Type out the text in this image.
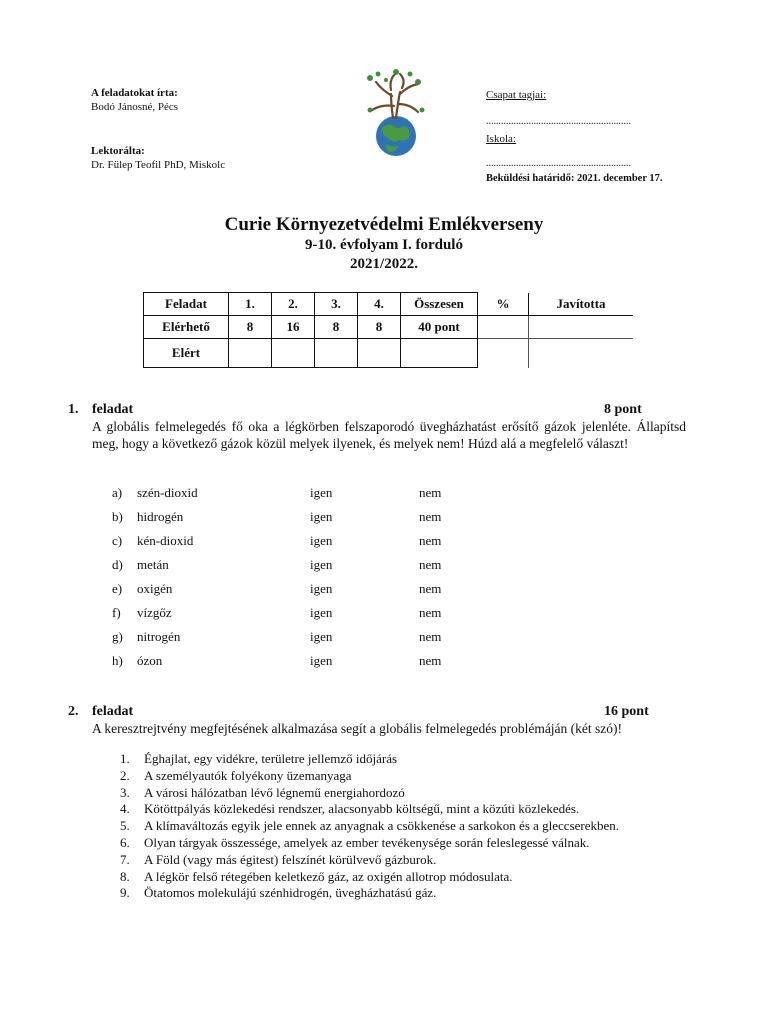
A feladatokat írta:
Bodó Jánosné, Pécs
Lektorálta:
Dr. Fülep Teofil PhD, Miskolc
Csapat tagjai:
..........................................................
Iskola:
..........................................................
Beküldési határidő: 2021. december 17.
Curie Környezetvédelmi Emlékverseny
9-10. évfolyam I. forduló
2021/2022.
Feladat	1.	2.	3.	4.	Összesen	%	Javította
Elérhető	8	16	8	8	40 pont		
Elért							
1. feladat	8 pont
A globális felmelegedés fő oka a légkörben felszaporodó üvegházhatást erősítő gázok jelenléte. Állapítsd meg, hogy a következő gázok közül melyek ilyenek, és melyek nem! Húzd alá a megfelelő választ!
a) szén-dioxid	igen	nem
b) hidrogén	igen	nem
c) kén-dioxid	igen	nem
d) metán	igen	nem
e) oxigén	igen	nem
f) vízgőz	igen	nem
g) nitrogén	igen	nem
h) ózon	igen	nem
2. feladat	16 pont
A keresztrejtvény megfejtésének alkalmazása segít a globális felmelegedés problémáján (két szó)!
1.	Éghajlat, egy vidékre, területre jellemző időjárás
2.	A személyautók folyékony üzemanyaga
3.	A városi hálózatban lévő légnemű energiahordozó
4.	Kötöttpályás közlekedési rendszer, alacsonyabb költségű, mint a közúti közlekedés.
5.	A klímaváltozás egyik jele ennek az anyagnak a csökkenése a sarkokon és a gleccserekben.
6.	Olyan tárgyak összessége, amelyek az ember tevékenysége során feleslegessé válnak.
7.	A Föld (vagy más égitest) felszínét körülvevő gázburok.
8.	A légkör felső rétegében keletkező gáz, az oxigén allotrop módosulata.
9.	Ötatomos molekulájú szénhidrogén, üvegházhatású gáz.
